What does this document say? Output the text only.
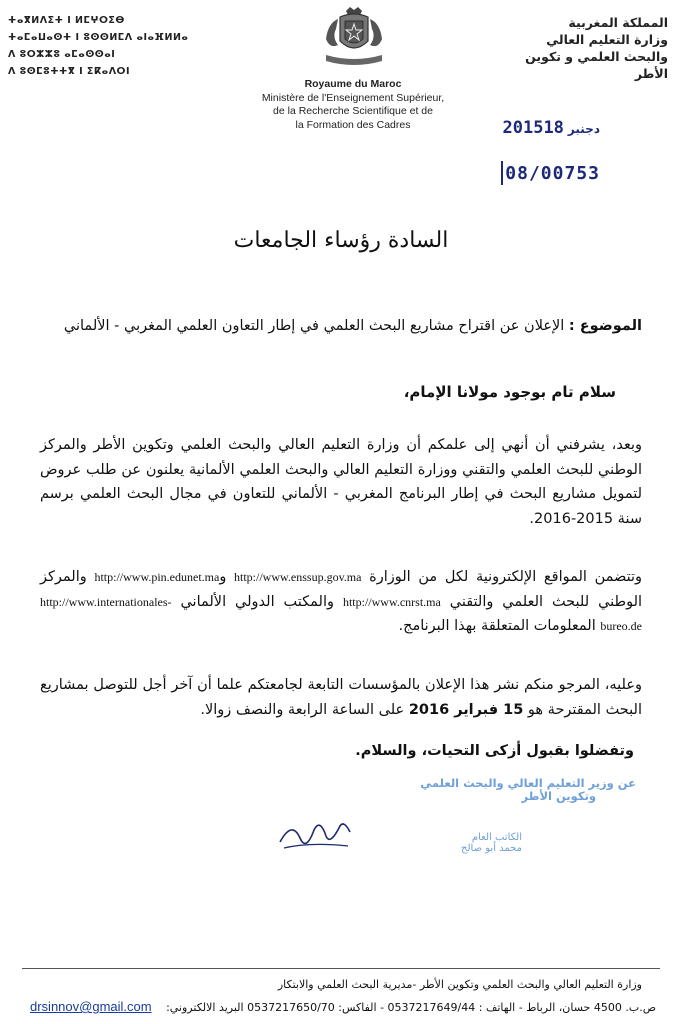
ⵜⴰⴳⵍⴷⵉⵜ ⵏ ⵍⵎⵖⵔⵉⴱ
ⵜⴰⵎⴰⵡⴰⵙⵜ ⵏ ⵓⵙⵙⵍⵎⴷ ⴰⵏⴰⴼⵍⵍⴰ
ⴷ ⵓⵔⵣⵣⵓ ⴰⵎⴰⵙⵙⴰⵏ
ⴷ ⵓⵙⵎⵓⵜⵜⴳ ⵏ ⵉⴽⴰⴷⵔⵏ
Royaume du Maroc
Ministère de l'Enseignement Supérieur,
de la Recherche Scientifique et de
la Formation des Cadres
المملكة المغربية
وزارة التعليم العالي
والبحث العلمي و تكوين الأطر
2015 دجنبر18
08/00753
السادة رؤساء الجامعات
الموضوع : الإعلان عن اقتراح مشاريع البحث العلمي في إطار التعاون العلمي المغربي - الألماني
سلام تام بوجود مولانا الإمام،
وبعد، يشرفني أن أنهي إلى علمكم أن وزارة التعليم العالي والبحث العلمي وتكوين الأطر والمركز الوطني للبحث العلمي والتقني ووزارة التعليم العالي والبحث العلمي الألمانية يعلنون عن طلب عروض لتمويل مشاريع البحث في إطار البرنامج المغربي - الألماني للتعاون في مجال البحث العلمي برسم سنة 2015-2016.
وتتضمن المواقع الإلكترونية لكل من الوزارة http://www.enssup.gov.ma وhttp://www.pin.edunet.ma والمركز الوطني للبحث العلمي والتقني http://www.cnrst.ma والمكتب الدولي الألماني http://www.internationales-bureo.de المعلومات المتعلقة بهذا البرنامج.
وعليه، المرجو منكم نشر هذا الإعلان بالمؤسسات التابعة لجامعتكم علما أن آخر أجل للتوصل بمشاريع البحث المقترحة هو 15 فبراير 2016 على الساعة الرابعة والنصف زوالا.
وتفضلوا بقبول أزكى التحيات، والسلام.
عن وزير التعليم العالي والبحث العلمي
وتكوين الأطر
الكاتب العام
محمد أبو صالح
وزارة التعليم العالي والبحث العلمي وتكوين الأطر -مديرية البحث العلمي والابتكار
ص.ب. 4500 حسان، الرباط - الهاتف : 0537217649/44 - الفاكس: 0537217650/70 البريد الالكتروني:
drsinnov@gmail.com
